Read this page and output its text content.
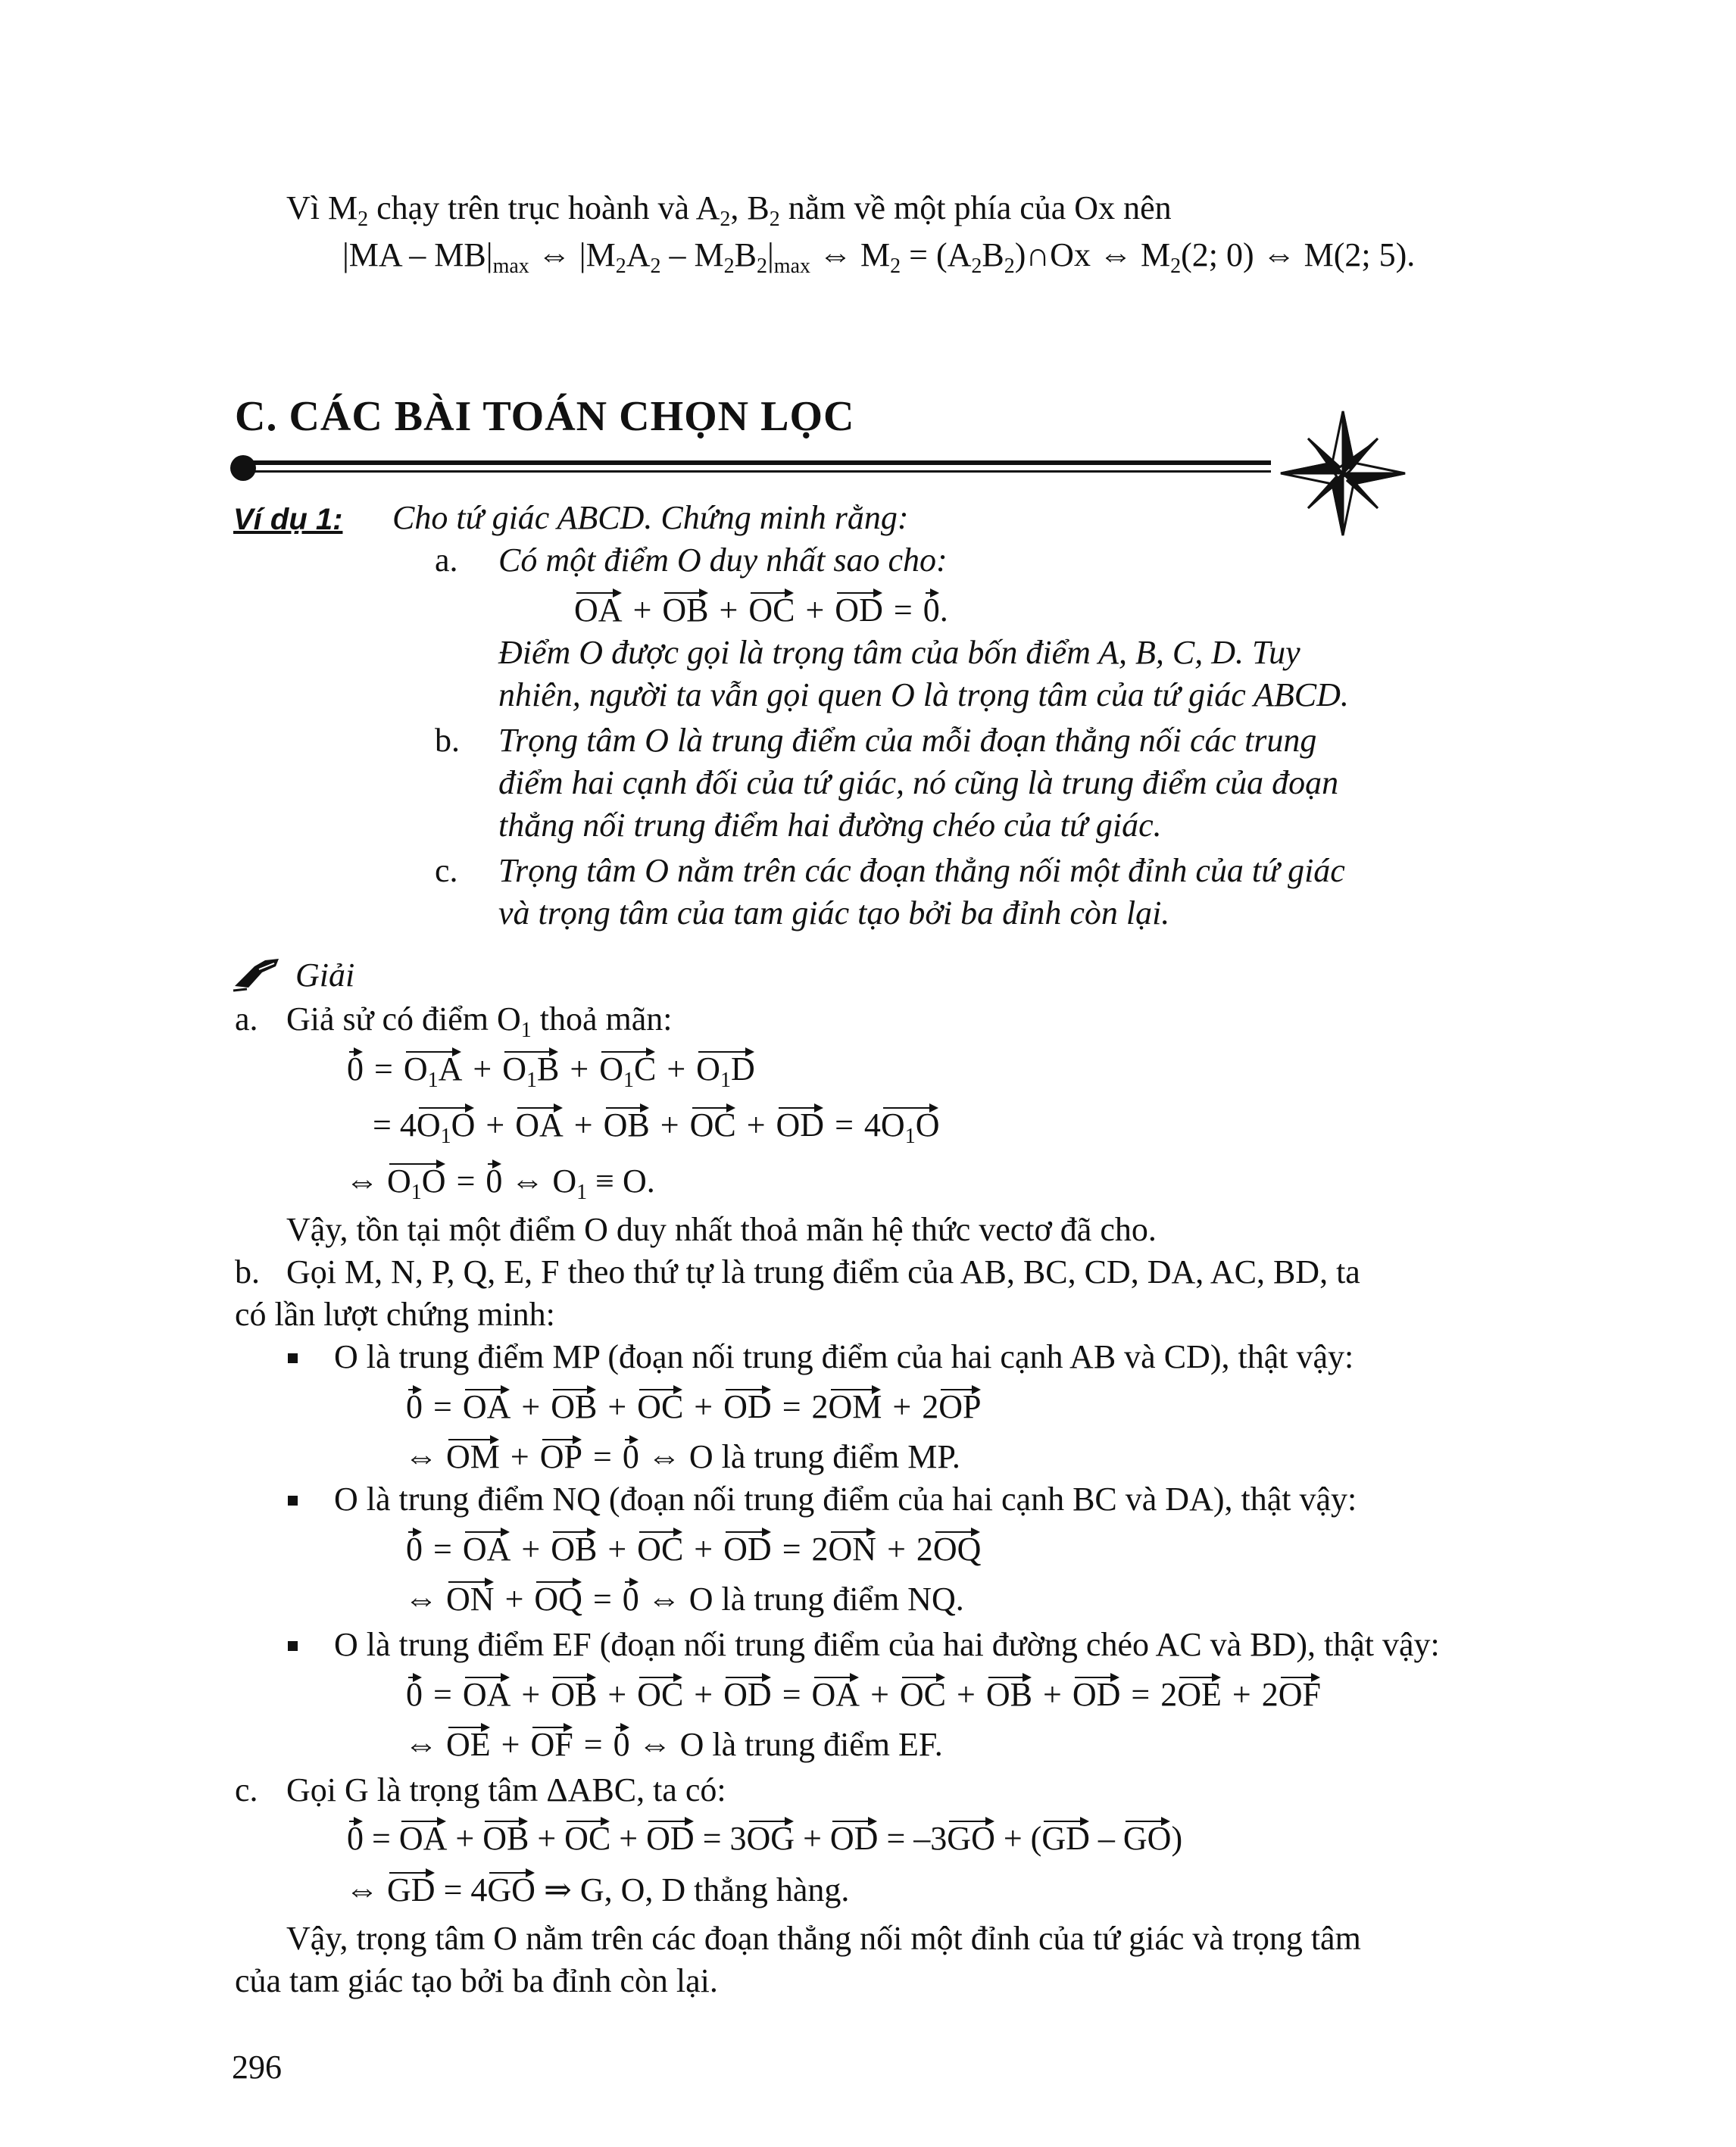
Vì $M_2$ chạy trên trục hoành và $A_2$, $B_2$ nằm về một phía của Ox nên
$|MA - MB|_{max}$ ⇔ $|M_2A_2 - M_2B_2|_{max}$ ⇔ $M_2$ = $(A_2B_2)\cap Ox$ ⇔ $M_2(2$; 0) ⇔ M(2; 5).
C. CÁC BÀI TOÁN CHỌN LỌC
Ví dụ 1: Cho tứ giác ABCD. Chứng minh rằng:
a. Có một điểm O duy nhất sao cho:
OA + OB + OC + OD = 0.
Điểm O được gọi là trọng tâm của bốn điểm A, B, C, D. Tuy
nhiên, người ta vẫn gọi quen O là trọng tâm của tứ giác ABCD.
b. Trọng tâm O là trung điểm của mỗi đoạn thẳng nối các trung
điểm hai cạnh đối của tứ giác, nó cũng là trung điểm của đoạn
thẳng nối trung điểm hai đường chéo của tứ giác.
c. Trọng tâm O nằm trên các đoạn thẳng nối một đỉnh của tứ giác
và trọng tâm của tam giác tạo bởi ba đỉnh còn lại.
Giải
a. Giả sử có điểm $O_1$ thoả mãn:
$0 = O_1A + O_1B + O_1C + O_1D$
= $4O_1O$ + OA + OB + OC + OD = $4O_1O$
⇔ $O_1O = 0$ ⇔ $O_1 \equiv O$.
Vậy, tồn tại một điểm O duy nhất thoả mãn hệ thức vectơ đã cho.
b. Gọi M, N, P, Q, E, F theo thứ tự là trung điểm của AB, BC, CD, DA, AC, BD, ta
có lần lượt chứng minh:
O là trung điểm MP (đoạn nối trung điểm của hai cạnh AB và CD), thật vậy:
0 = OA + OB + OC + OD = 2OM + 2OP
⇔ OM + OP = 0 ⇔ O là trung điểm MP.
O là trung điểm NQ (đoạn nối trung điểm của hai cạnh BC và DA), thật vậy:
0 = OA + OB + OC + OD = 2ON + 2OQ
⇔ ON + OQ = 0 ⇔ O là trung điểm NQ.
O là trung điểm EF (đoạn nối trung điểm của hai đường chéo AC và BD), thật vậy:
0 = OA + OB + OC + OD = OA + OC + OB + OD = 2OE + 2OF
⇔ OE + OF = 0 ⇔ O là trung điểm EF.
c. Gọi G là trọng tâm ΔABC, ta có:
0 = OA + OB + OC + OD = 3OG + OD = –3GO + (GD – GO)
⇔ GD = 4GO ⇒ G, O, D thẳng hàng.
Vậy, trọng tâm O nằm trên các đoạn thẳng nối một đỉnh của tứ giác và trọng tâm
của tam giác tạo bởi ba đỉnh còn lại.
296
